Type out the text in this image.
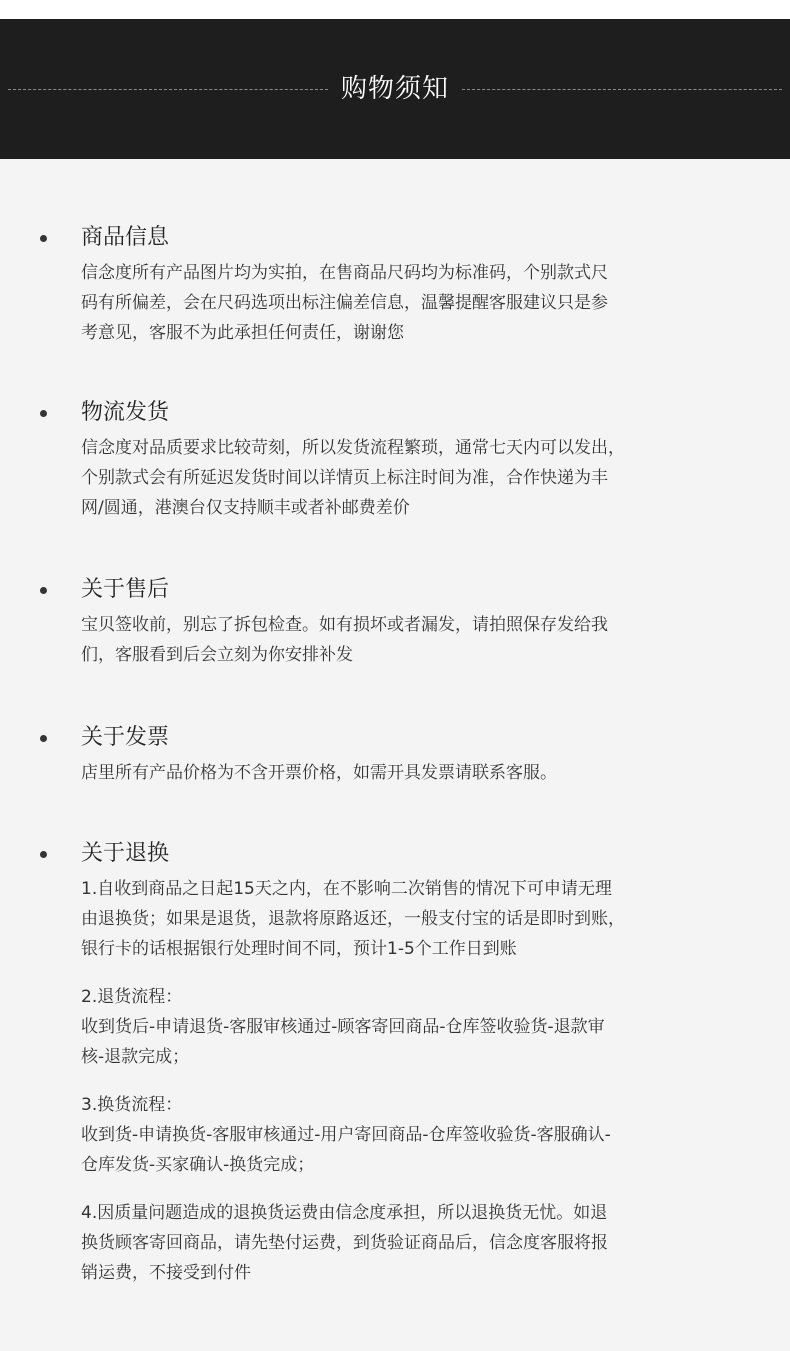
购物须知
商品信息
信念度所有产品图片均为实拍，在售商品尺码均为标准码，个别款式尺
码有所偏差，会在尺码选项出标注偏差信息，温馨提醒客服建议只是参
考意见，客服不为此承担任何责任，谢谢您
物流发货
信念度对品质要求比较苛刻，所以发货流程繁琐，通常七天内可以发出，
个别款式会有所延迟发货时间以详情页上标注时间为准，合作快递为丰
网/圆通，港澳台仅支持顺丰或者补邮费差价
关于售后
宝贝签收前，别忘了拆包检查。如有损坏或者漏发，请拍照保存发给我
们，客服看到后会立刻为你安排补发
关于发票
店里所有产品价格为不含开票价格，如需开具发票请联系客服。
关于退换
1.自收到商品之日起15天之内，在不影响二次销售的情况下可申请无理
由退换货；如果是退货，退款将原路返还，一般支付宝的话是即时到账，
银行卡的话根据银行处理时间不同，预计1-5个工作日到账
2.退货流程：
收到货后-申请退货-客服审核通过-顾客寄回商品-仓库签收验货-退款审
核-退款完成；
3.换货流程：
收到货-申请换货-客服审核通过-用户寄回商品-仓库签收验货-客服确认-
仓库发货-买家确认-换货完成；
4.因质量问题造成的退换货运费由信念度承担，所以退换货无忧。如退
换货顾客寄回商品，请先垫付运费，到货验证商品后，信念度客服将报
销运费，不接受到付件
